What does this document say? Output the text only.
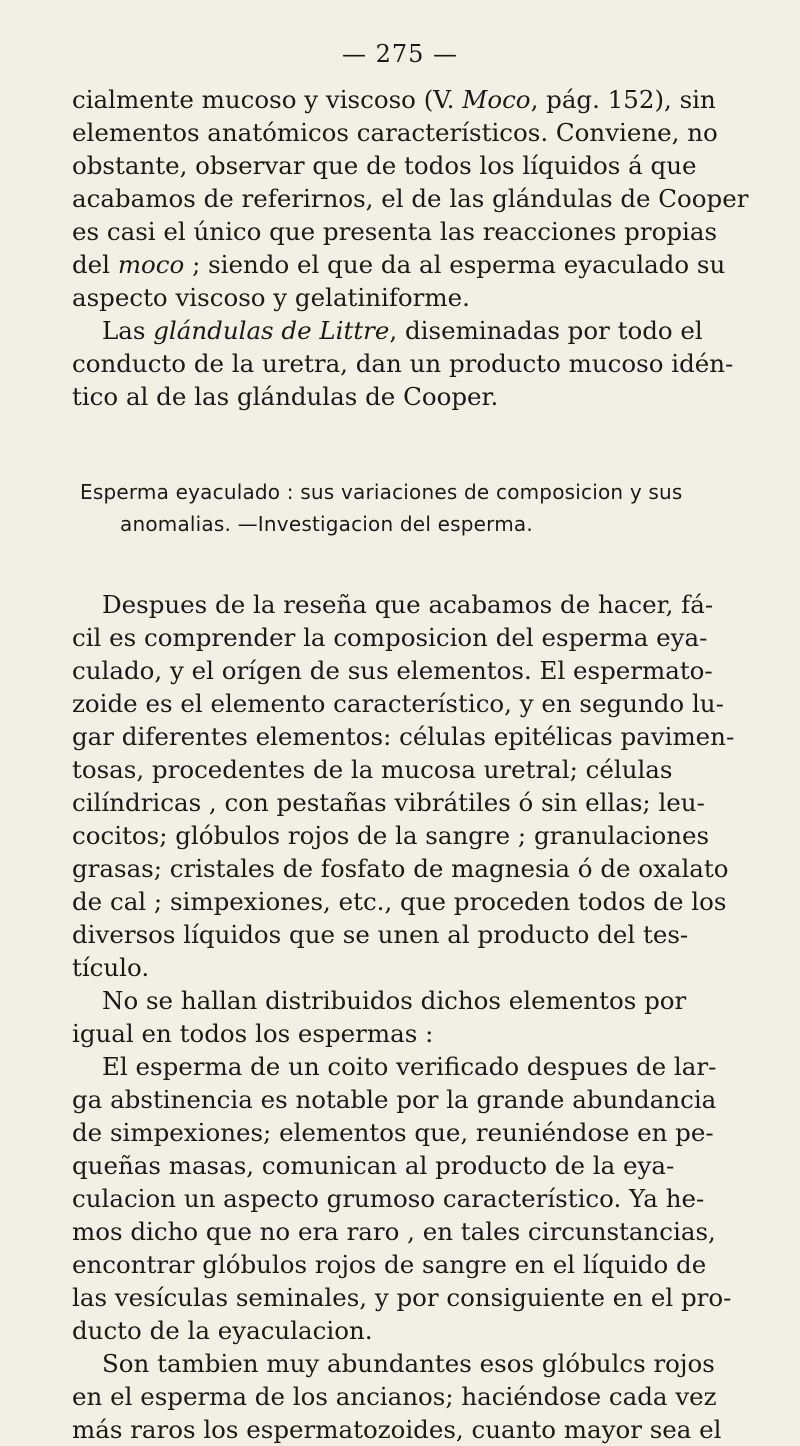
— 275 —
cialmente mucoso y viscoso (V. Moco, pág. 152), sin
elementos anatómicos característicos. Conviene, no
obstante, observar que de todos los líquidos á que
acabamos de referirnos, el de las glándulas de Cooper
es casi el único que presenta las reacciones propias
del moco ; siendo el que da al esperma eyaculado su
aspecto viscoso y gelatiniforme.
Las glándulas de Littre, diseminadas por todo el
conducto de la uretra, dan un producto mucoso idén-
tico al de las glándulas de Cooper.
Esperma eyaculado : sus variaciones de composicion y sus
anomalias. —Investigacion del esperma.
Despues de la reseña que acabamos de hacer, fá-
cil es comprender la composicion del esperma eya-
culado, y el orígen de sus elementos. El espermato-
zoide es el elemento característico, y en segundo lu-
gar diferentes elementos: células epitélicas pavimen-
tosas, procedentes de la mucosa uretral; células
cilíndricas , con pestañas vibrátiles ó sin ellas; leu-
cocitos; glóbulos rojos de la sangre ; granulaciones
grasas; cristales de fosfato de magnesia ó de oxalato
de cal ; simpexiones, etc., que proceden todos de los
diversos líquidos que se unen al producto del tes-
tículo.
No se hallan distribuidos dichos elementos por
igual en todos los espermas :
El esperma de un coito verificado despues de lar-
ga abstinencia es notable por la grande abundancia
de simpexiones; elementos que, reuniéndose en pe-
queñas masas, comunican al producto de la eya-
culacion un aspecto grumoso característico. Ya he-
mos dicho que no era raro , en tales circunstancias,
encontrar glóbulos rojos de sangre en el líquido de
las vesículas seminales, y por consiguiente en el pro-
ducto de la eyaculacion.
Son tambien muy abundantes esos glóbulcs rojos
en el esperma de los ancianos; haciéndose cada vez
más raros los espermatozoides, cuanto mayor sea el
